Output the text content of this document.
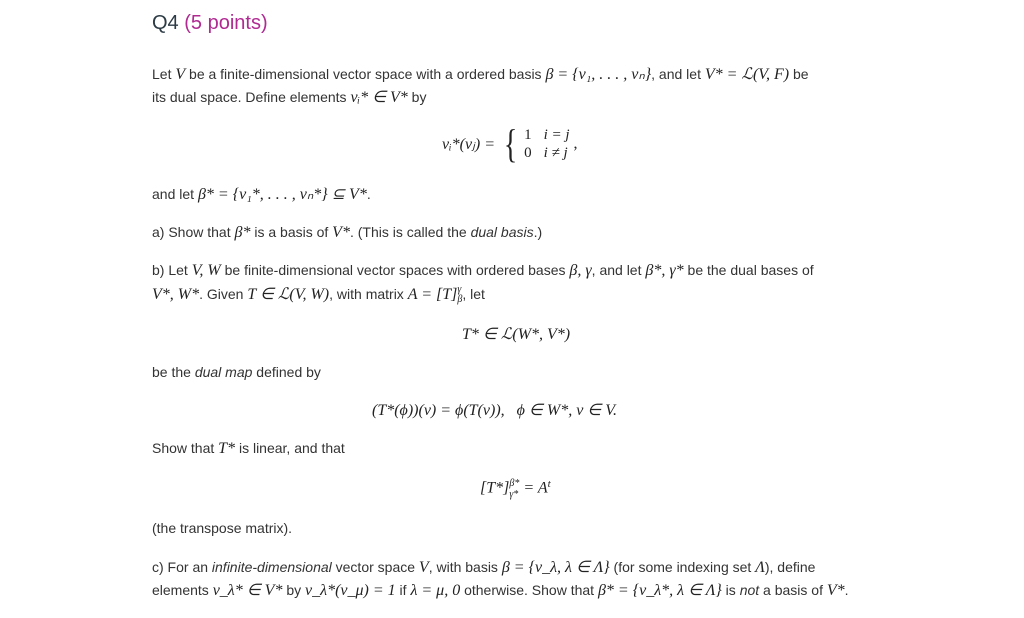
Q4 (5 points)
Let V be a finite-dimensional vector space with a ordered basis β = {v₁, . . . , vₙ}, and let V* = ℒ(V, F) be
its dual space. Define elements vᵢ* ∈ V* by
vᵢ*(vⱼ) = { 1 i = j
0 i ≠ j
,
and let β* = {v₁*, . . . , vₙ*} ⊆ V*.
a) Show that β* is a basis of V*. (This is called the dual basis.)
b) Let V, W be finite-dimensional vector spaces with ordered bases β, γ, and let β*, γ* be the dual bases of
V*, W*. Given T ∈ ℒ(V, W), with matrix A = [T] γ
β , let
T* ∈ ℒ(W*, V*)
be the dual map defined by
(T*(ϕ))(v) = ϕ(T(v)),   ϕ ∈ W*, v ∈ V.
Show that T* is linear, and that
[T*] β*
$\gamma* = A^t$
(the transpose matrix).
c) For an infinite-dimensional vector space V, with basis β = {v_λ, λ ∈ Λ} (for some indexing set Λ), define
elements v_λ* ∈ V* by v_λ*(v_μ) = 1 if λ = μ, 0 otherwise. Show that β* = {v_λ*, λ ∈ Λ} is not a basis of V*.
